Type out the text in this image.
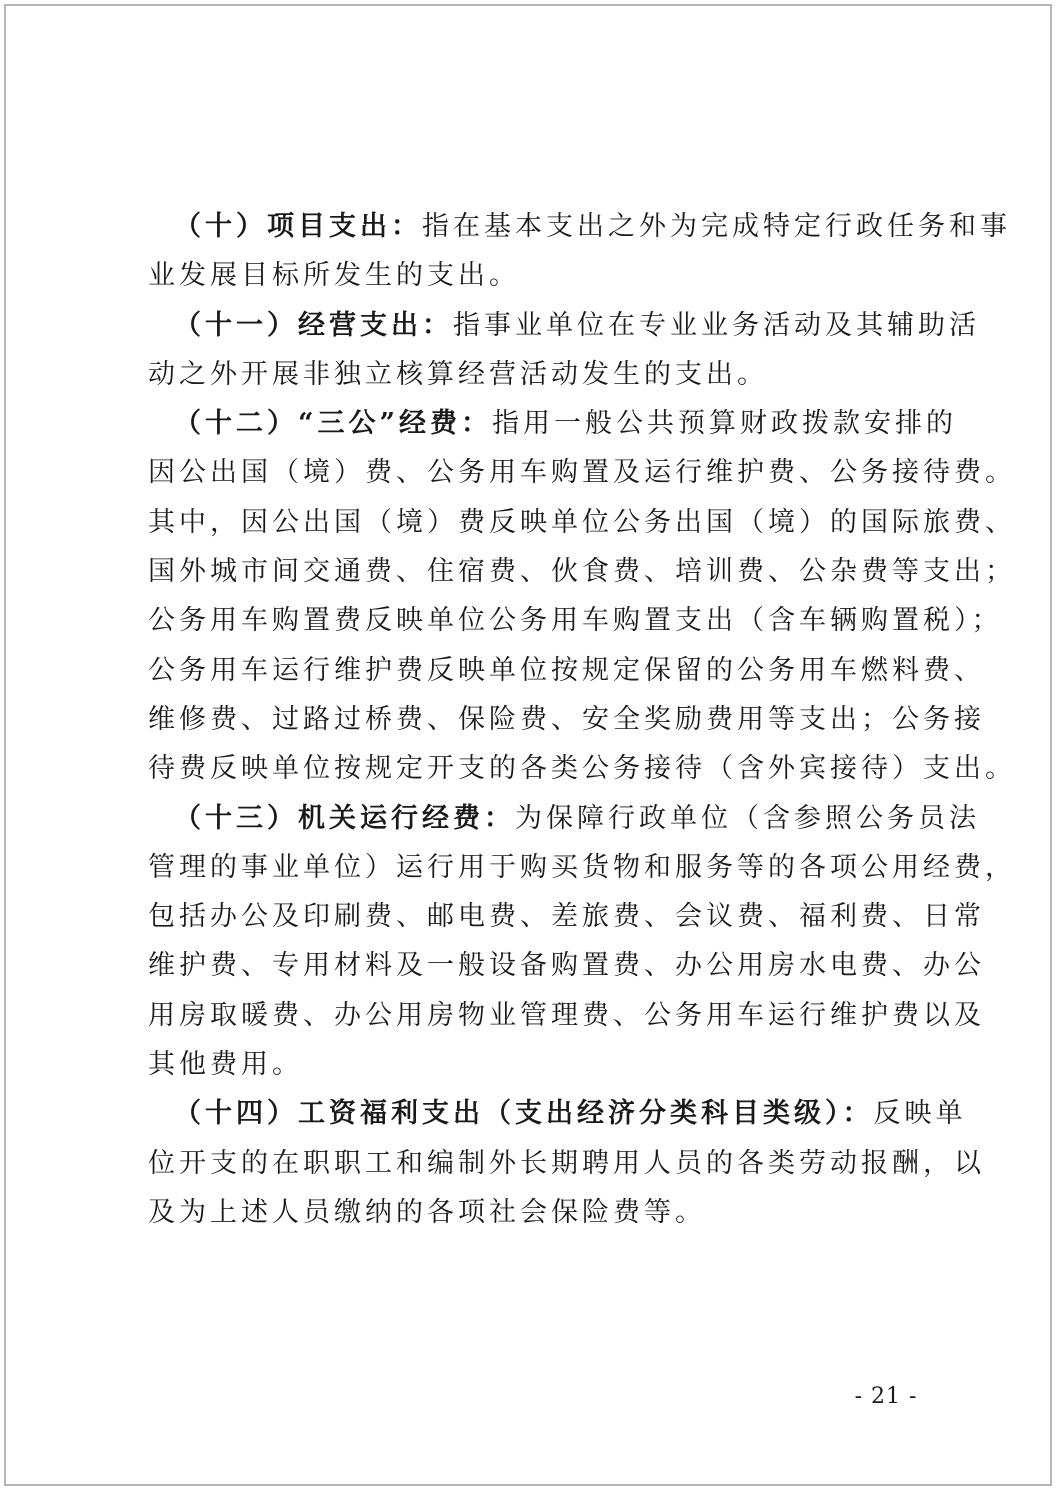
（十）项目支出：指在基本支出之外为完成特定行政任务和事
业发展目标所发生的支出。
（十一）经营支出：指事业单位在专业业务活动及其辅助活
动之外开展非独立核算经营活动发生的支出。
（十二）“三公”经费：指用一般公共预算财政拨款安排的
因公出国（境）费、公务用车购置及运行维护费、公务接待费。
其中，因公出国（境）费反映单位公务出国（境）的国际旅费、
国外城市间交通费、住宿费、伙食费、培训费、公杂费等支出；
公务用车购置费反映单位公务用车购置支出（含车辆购置税）；
公务用车运行维护费反映单位按规定保留的公务用车燃料费、
维修费、过路过桥费、保险费、安全奖励费用等支出；公务接
待费反映单位按规定开支的各类公务接待（含外宾接待）支出。
（十三）机关运行经费：为保障行政单位（含参照公务员法
管理的事业单位）运行用于购买货物和服务等的各项公用经费，
包括办公及印刷费、邮电费、差旅费、会议费、福利费、日常
维护费、专用材料及一般设备购置费、办公用房水电费、办公
用房取暖费、办公用房物业管理费、公务用车运行维护费以及
其他费用。
（十四）工资福利支出（支出经济分类科目类级）：反映单
位开支的在职职工和编制外长期聘用人员的各类劳动报酬，以
及为上述人员缴纳的各项社会保险费等。
- 21 -
